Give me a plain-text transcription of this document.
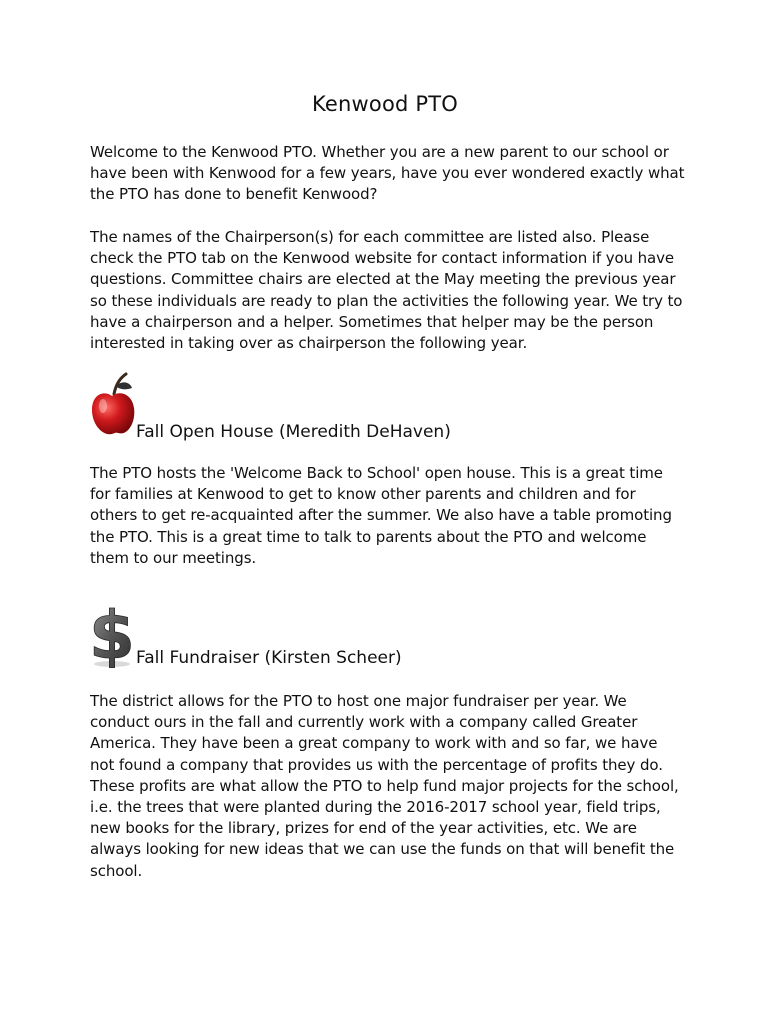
Kenwood PTO

Welcome to the Kenwood PTO. Whether you are a new parent to our school or have been with Kenwood for a few years, have you ever wondered exactly what the PTO has done to benefit Kenwood?

The names of the Chairperson(s) for each committee are listed also. Please check the PTO tab on the Kenwood website for contact information if you have questions. Committee chairs are elected at the May meeting the previous year so these individuals are ready to plan the activities the following year. We try to have a chairperson and a helper. Sometimes that helper may be the person interested in taking over as chairperson the following year.

Fall Open House (Meredith DeHaven)

The PTO hosts the 'Welcome Back to School' open house. This is a great time for families at Kenwood to get to know other parents and children and for others to get re-acquainted after the summer. We also have a table promoting the PTO. This is a great time to talk to parents about the PTO and welcome them to our meetings.

$ Fall Fundraiser (Kirsten Scheer)

The district allows for the PTO to host one major fundraiser per year. We conduct ours in the fall and currently work with a company called Greater America. They have been a great company to work with and so far, we have not found a company that provides us with the percentage of profits they do. These profits are what allow the PTO to help fund major projects for the school, i.e. the trees that were planted during the 2016-2017 school year, field trips, new books for the library, prizes for end of the year activities, etc. We are always looking for new ideas that we can use the funds on that will benefit the school.
